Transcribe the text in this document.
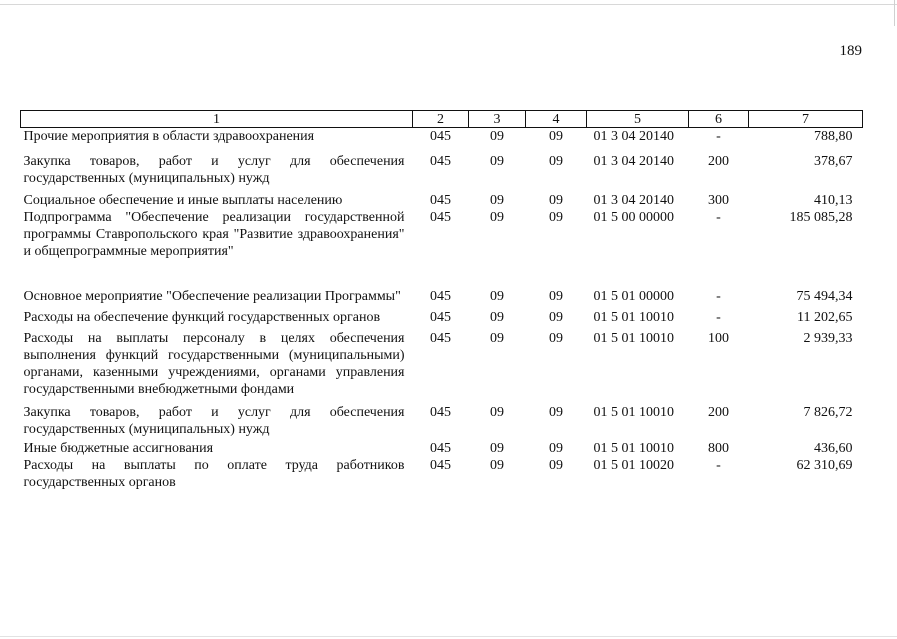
189
1	2	3	4	5	6	7
Прочие мероприятия в области здравоохранения	045	09	09	01 3 04 20140	-	788,80
Закупка товаров, работ и услуг для обеспечения государственных (муниципальных) нужд	045	09	09	01 3 04 20140	200	378,67
Социальное обеспечение и иные выплаты населению	045	09	09	01 3 04 20140	300	410,13
Подпрограмма "Обеспечение реализации государственной программы Ставропольского края "Развитие здравоохранения" и общепрограммные мероприятия"	045	09	09	01 5 00 00000	-	185 085,28
Основное мероприятие "Обеспечение реализации Программы"	045	09	09	01 5 01 00000	-	75 494,34
Расходы на обеспечение функций государственных органов	045	09	09	01 5 01 10010	-	11 202,65
Расходы на выплаты персоналу в целях обеспечения выполнения функций государственными (муниципальными) органами, казенными учреждениями, органами управления государственными внебюджетными фондами	045	09	09	01 5 01 10010	100	2 939,33
Закупка товаров, работ и услуг для обеспечения государственных (муниципальных) нужд	045	09	09	01 5 01 10010	200	7 826,72
Иные бюджетные ассигнования	045	09	09	01 5 01 10010	800	436,60
Расходы на выплаты по оплате труда работников государственных органов	045	09	09	01 5 01 10020	-	62 310,69
